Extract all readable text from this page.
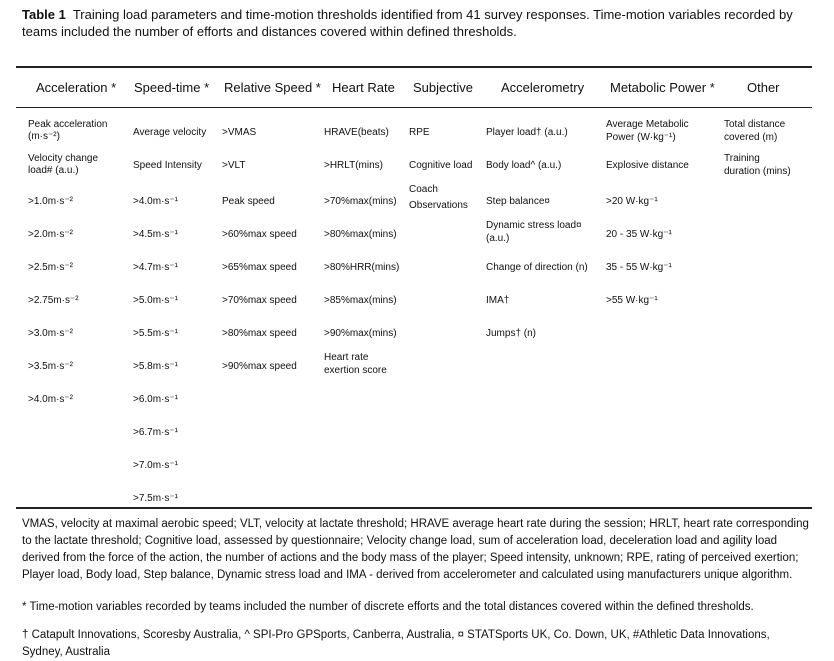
Table 1 Training load parameters and time-motion thresholds identified from 41 survey responses. Time-motion variables recorded by teams included the number of efforts and distances covered within defined thresholds.
Acceleration * Speed-time * Relative Speed * Heart Rate Subjective Accelerometry Metabolic Power * Other
Peak acceleration
(m·s⁻²)
Velocity change
load# (a.u.)
>1.0m·s⁻²
>2.0m·s⁻²
>2.5m·s⁻²
>2.75m·s⁻²
>3.0m·s⁻²
>3.5m·s⁻²
>4.0m·s⁻²
Average velocity
Speed Intensity
>4.0m·s⁻¹
>4.5m·s⁻¹
>4.7m·s⁻¹
>5.0m·s⁻¹
>5.5m·s⁻¹
>5.8m·s⁻¹
>6.0m·s⁻¹
>6.7m·s⁻¹
>7.0m·s⁻¹
>7.5m·s⁻¹
>VMAS
>VLT
Peak speed
>60%max speed
>65%max speed
>70%max speed
>80%max speed
>90%max speed
HRAVE(beats)
>HRLT(mins)
>70%max(mins)
>80%max(mins)
>80%HRR(mins)
>85%max(mins)
>90%max(mins)
Heart rate
exertion score
RPE
Cognitive load
Coach
Observations
Player load† (a.u.)
Body load^ (a.u.)
Step balance¤
Dynamic stress load¤
(a.u.)
Change of direction (n)
IMA†
Jumps† (n)
Average Metabolic
Power (W·kg⁻¹)
Explosive distance
>20 W·kg⁻¹
20 - 35 W·kg⁻¹
35 - 55 W·kg⁻¹
>55 W·kg⁻¹
Total distance
covered (m)
Training
duration (mins)
VMAS, velocity at maximal aerobic speed; VLT, velocity at lactate threshold; HRAVE average heart rate during the session; HRLT, heart rate corresponding to the lactate threshold; Cognitive load, assessed by questionnaire; Velocity change load, sum of acceleration load, deceleration load and agility load derived from the force of the action, the number of actions and the body mass of the player; Speed intensity, unknown; RPE, rating of perceived exertion; Player load, Body load, Step balance, Dynamic stress load and IMA - derived from accelerometer and calculated using manufacturers unique algorithm.
* Time-motion variables recorded by teams included the number of discrete efforts and the total distances covered within the defined thresholds.
† Catapult Innovations, Scoresby Australia, ^ SPI-Pro GPSports, Canberra, Australia, ¤ STATSports UK, Co. Down, UK, #Athletic Data Innovations, Sydney, Australia
